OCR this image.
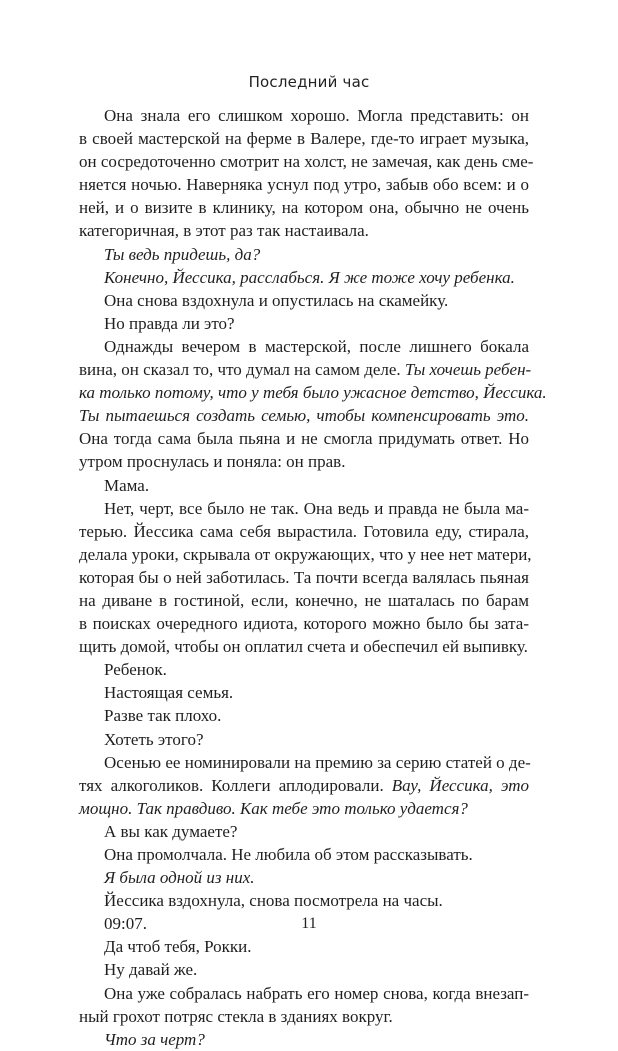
Последний час
Она знала его слишком хорошо. Могла представить: он
в своей мастерской на ферме в Валере, где-то играет музыка,
он сосредоточенно смотрит на холст, не замечая, как день сме-
няется ночью. Наверняка уснул под утро, забыв обо всем: и о
ней, и о визите в клинику, на котором она, обычно не очень
категоричная, в этот раз так настаивала.
Ты ведь придешь, да?
Конечно, Йессика, расслабься. Я же тоже хочу ребенка.
Она снова вздохнула и опустилась на скамейку.
Но правда ли это?
Однажды вечером в мастерской, после лишнего бокала
вина, он сказал то, что думал на самом деле. Ты хочешь ребен-
ка только потому, что у тебя было ужасное детство, Йессика.
Ты пытаешься создать семью, чтобы компенсировать это.
Она тогда сама была пьяна и не смогла придумать ответ. Но
утром проснулась и поняла: он прав.
Мама.
Нет, черт, все было не так. Она ведь и правда не была ма-
терью. Йессика сама себя вырастила. Готовила еду, стирала,
делала уроки, скрывала от окружающих, что у нее нет матери,
которая бы о ней заботилась. Та почти всегда валялась пьяная
на диване в гостиной, если, конечно, не шаталась по барам
в поисках очередного идиота, которого можно было бы зата-
щить домой, чтобы он оплатил счета и обеспечил ей выпивку.
Ребенок.
Настоящая семья.
Разве так плохо.
Хотеть этого?
Осенью ее номинировали на премию за серию статей о де-
тях алкоголиков. Коллеги аплодировали. Вау, Йессика, это
мощно. Так правдиво. Как тебе это только удается?
А вы как думаете?
Она промолчала. Не любила об этом рассказывать.
Я была одной из них.
Йессика вздохнула, снова посмотрела на часы.
09:07.
Да чтоб тебя, Рокки.
Ну давай же.
Она уже собралась набрать его номер снова, когда внезап-
ный грохот потряс стекла в зданиях вокруг.
Что за черт?
11
